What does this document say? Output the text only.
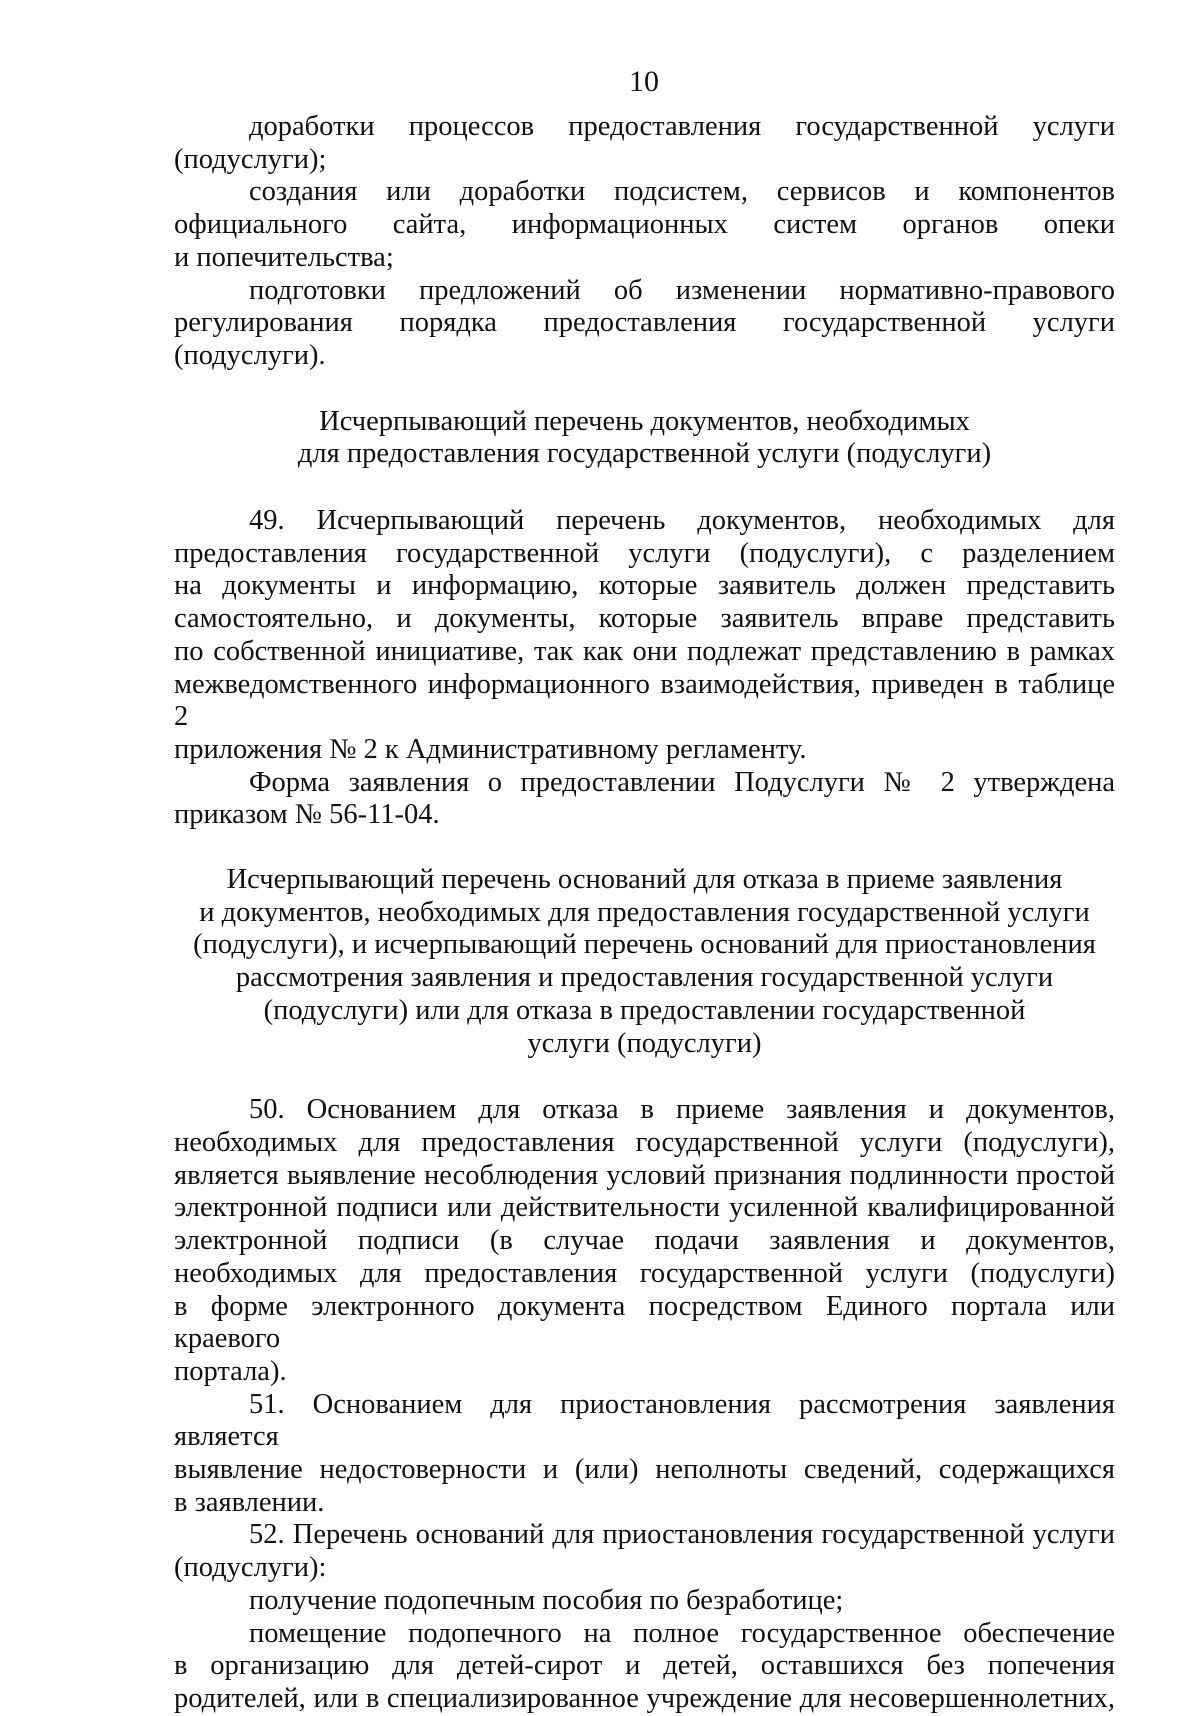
10

доработки процессов предоставления государственной услуги
(подуслуги);

создания или доработки подсистем, сервисов и компонентов
официального сайта, информационных систем органов опеки
и попечительства;

подготовки предложений об изменении нормативно-правового
регулирования порядка предоставления государственной услуги (подуслуги).

Исчерпывающий перечень документов, необходимых
для предоставления государственной услуги (подуслуги)

49. Исчерпывающий перечень документов, необходимых для
предоставления государственной услуги (подуслуги), с разделением
на документы и информацию, которые заявитель должен представить
самостоятельно, и документы, которые заявитель вправе представить
по собственной инициативе, так как они подлежат представлению в рамках
межведомственного информационного взаимодействия, приведен в таблице 2
приложения № 2 к Административному регламенту.

Форма заявления о предоставлении Подуслуги № 2 утверждена
приказом № 56-11-04.

Исчерпывающий перечень оснований для отказа в приеме заявления
и документов, необходимых для предоставления государственной услуги
(подуслуги), и исчерпывающий перечень оснований для приостановления
рассмотрения заявления и предоставления государственной услуги
(подуслуги) или для отказа в предоставлении государственной
услуги (подуслуги)

50. Основанием для отказа в приеме заявления и документов,
необходимых для предоставления государственной услуги (подуслуги),
является выявление несоблюдения условий признания подлинности простой
электронной подписи или действительности усиленной квалифицированной
электронной подписи (в случае подачи заявления и документов,
необходимых для предоставления государственной услуги (подуслуги)
в форме электронного документа посредством Единого портала или краевого
портала).

51. Основанием для приостановления рассмотрения заявления является
выявление недостоверности и (или) неполноты сведений, содержащихся
в заявлении.

52. Перечень оснований для приостановления государственной услуги
(подуслуги):

получение подопечным пособия по безработице;

помещение подопечного на полное государственное обеспечение
в организацию для детей-сирот и детей, оставшихся без попечения
родителей, или в специализированное учреждение для несовершеннолетних,
